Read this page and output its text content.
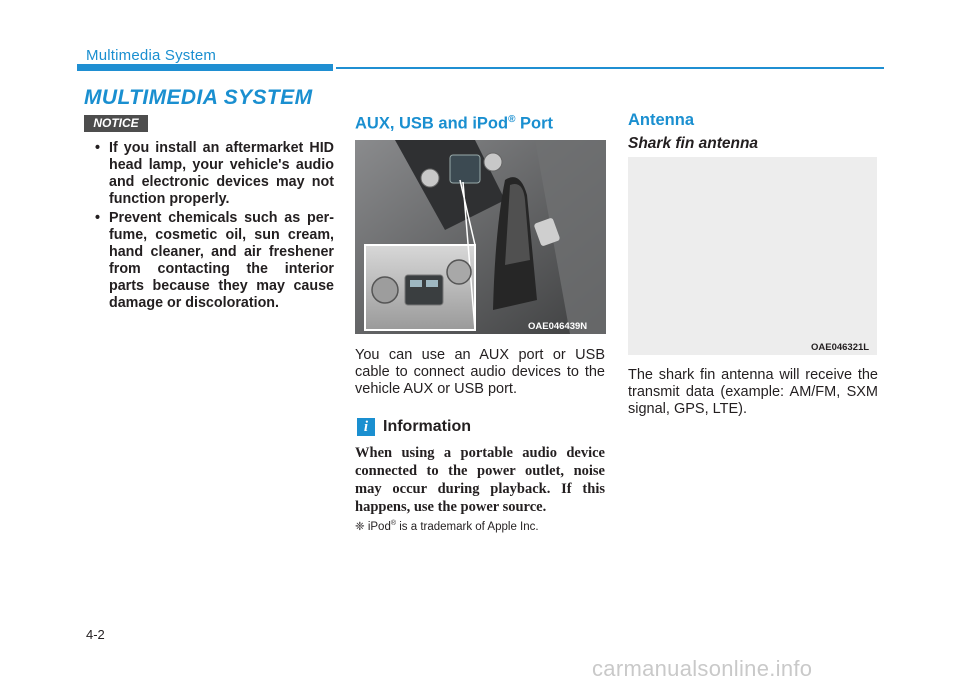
Multimedia System
MULTIMEDIA SYSTEM
NOTICE
• If you install an aftermarket HID head lamp, your vehicle's audio and electronic devices may not function properly.
• Prevent chemicals such as per-fume, cosmetic oil, sun cream, hand cleaner, and air freshener from contacting the interior parts because they may cause damage or discoloration.
AUX, USB and iPod® Port
OAE046439N
You can use an AUX port or USB cable to connect audio devices to the vehicle AUX or USB port.
i Information
When using a portable audio device connected to the power outlet, noise may occur during playback. If this happens, use the power source.
❈ iPod® is a trademark of Apple Inc.
Antenna
Shark fin antenna
OAE046321L
The shark fin antenna will receive the transmit data (example: AM/FM, SXM signal, GPS, LTE).
4-2
carmanualsonline.info
